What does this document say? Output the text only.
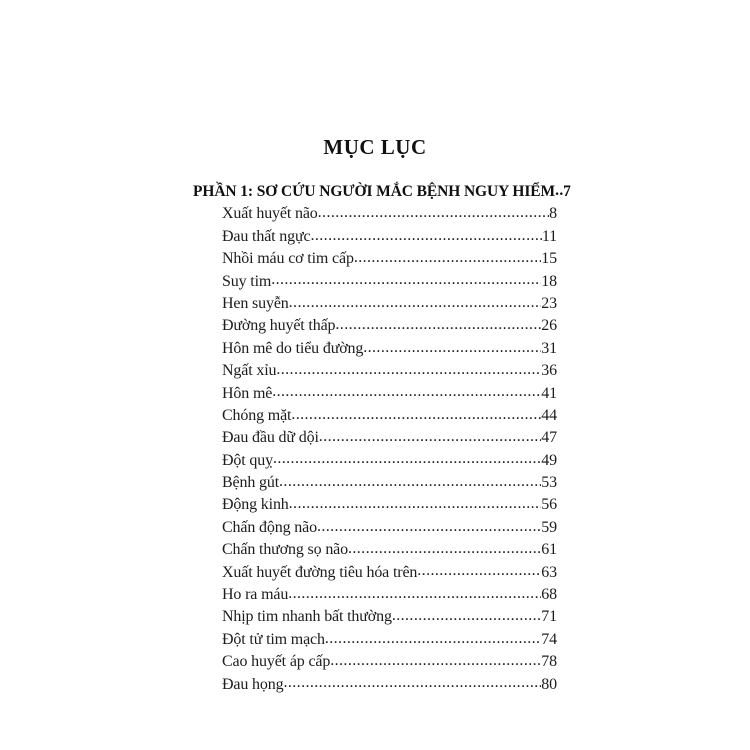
MỤC LỤC
PHẦN 1: SƠ CỨU NGƯỜI MẮC BỆNH NGUY HIỂM ..... 7
Xuất huyết não .....	8
Đau thất ngực .....	11
Nhồi máu cơ tim cấp .....	15
Suy tim .....	18
Hen suyễn .....	23
Đường huyết thấp .....	26
Hôn mê do tiểu đường .....	31
Ngất xỉu .....	36
Hôn mê .....	41
Chóng mặt .....	44
Đau đầu dữ dội .....	47
Đột quỵ .....	49
Bệnh gút .....	53
Động kinh .....	56
Chấn động não .....	59
Chấn thương sọ não .....	61
Xuất huyết đường tiêu hóa trên .....	63
Ho ra máu .....	68
Nhịp tim nhanh bất thường .....	71
Đột tử tim mạch .....	74
Cao huyết áp cấp .....	78
Đau họng .....	80
